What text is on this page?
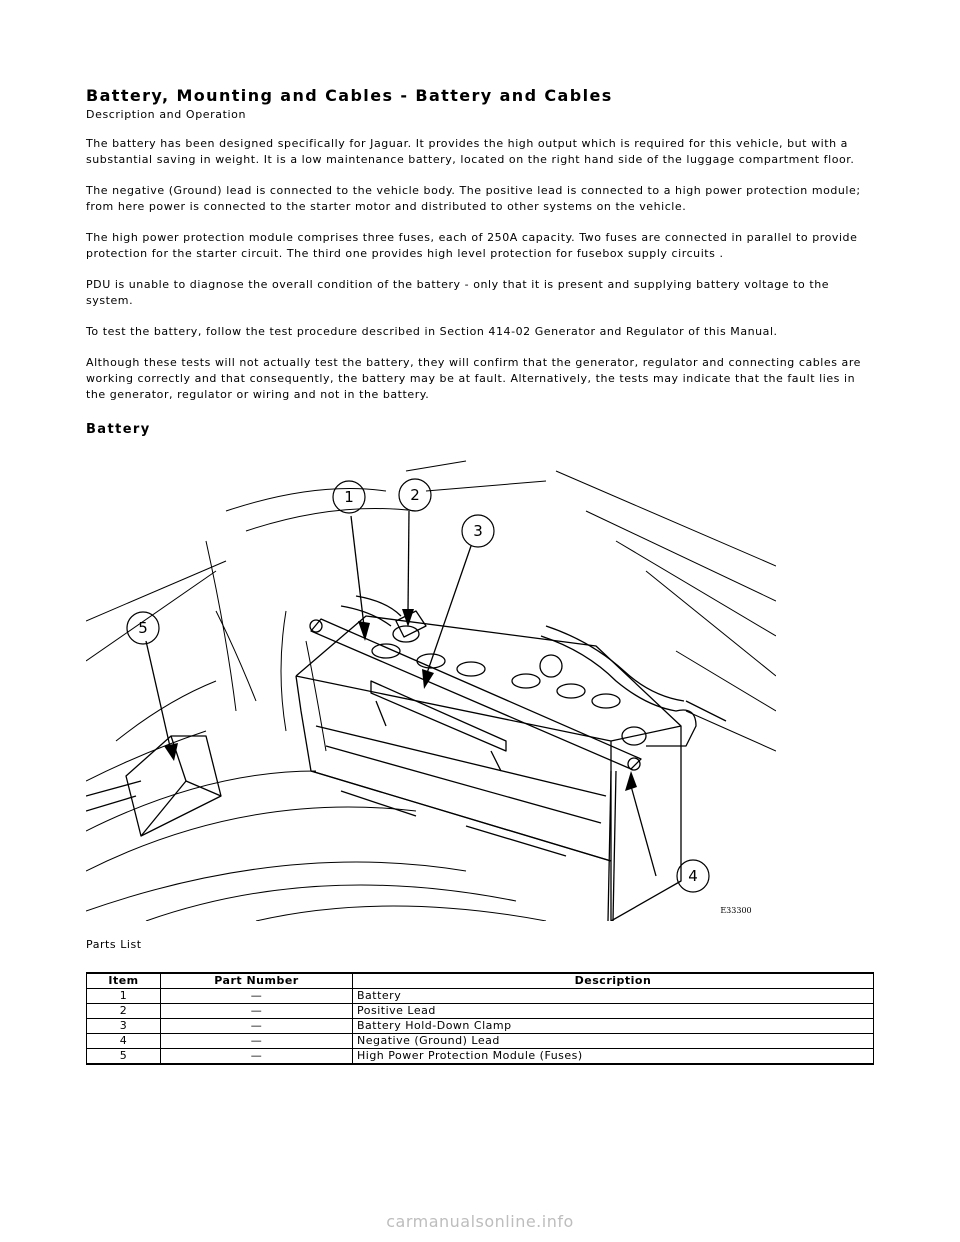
Battery, Mounting and Cables - Battery and Cables
Description and Operation

The battery has been designed specifically for Jaguar. It provides the high output which is required for this vehicle, but with a substantial saving in weight. It is a low maintenance battery, located on the right hand side of the luggage compartment floor.

The negative (Ground) lead is connected to the vehicle body. The positive lead is connected to a high power protection module; from here power is connected to the starter motor and distributed to other systems on the vehicle.

The high power protection module comprises three fuses, each of 250A capacity. Two fuses are connected in parallel to provide protection for the starter circuit. The third one provides high level protection for fusebox supply circuits .

PDU is unable to diagnose the overall condition of the battery - only that it is present and supplying battery voltage to the system.

To test the battery, follow the test procedure described in Section 414-02 Generator and Regulator of this Manual.

Although these tests will not actually test the battery, they will confirm that the generator, regulator and connecting cables are working correctly and that consequently, the battery may be at fault. Alternatively, the tests may indicate that the fault lies in the generator, regulator or wiring and not in the battery.

Battery
1	2
3
4
5
E33300
Parts List
Item	Part Number	Description
1	—	Battery
2	—	Positive Lead
3	—	Battery Hold-Down Clamp
4	—	Negative (Ground) Lead
5	—	High Power Protection Module (Fuses)
carmanualsonline.info
